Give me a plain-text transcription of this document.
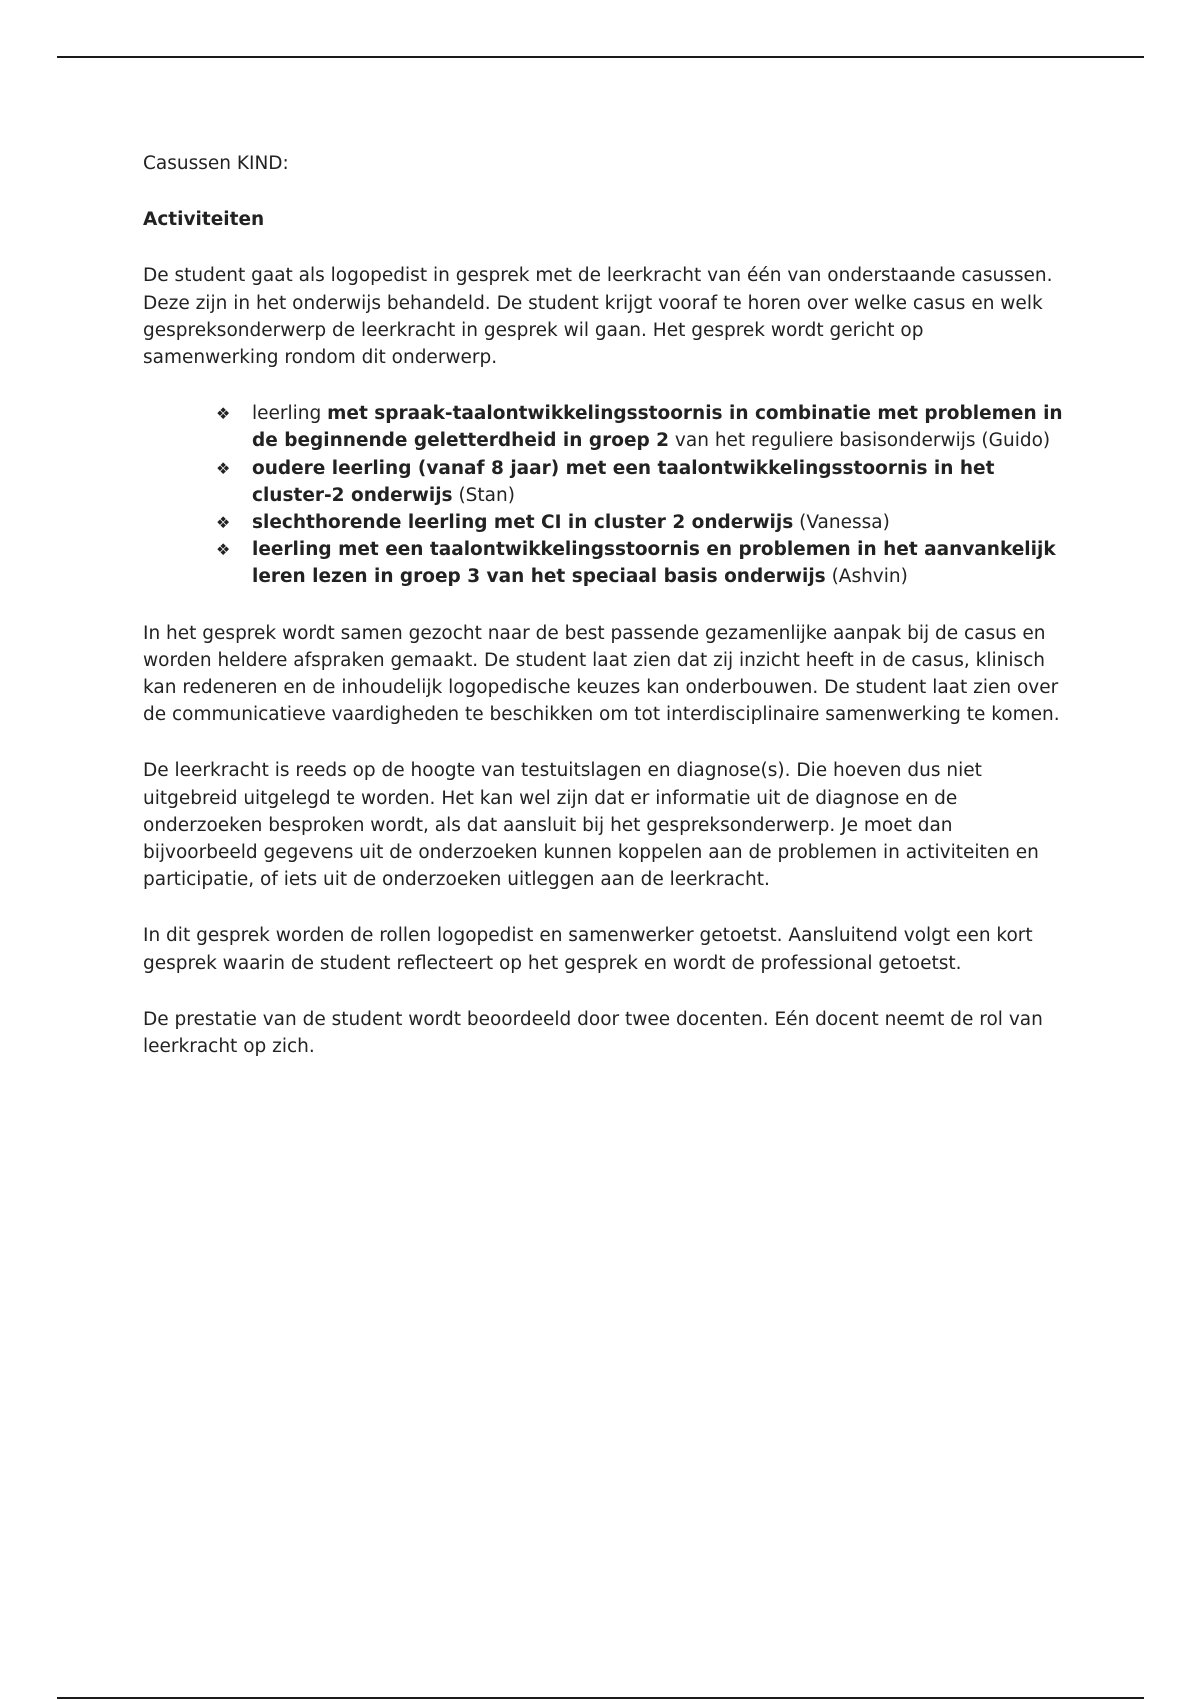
Casussen KIND:

Activiteiten

De student gaat als logopedist in gesprek met de leerkracht van één van onderstaande casussen. Deze zijn in het onderwijs behandeld. De student krijgt vooraf te horen over welke casus en welk gespreksonderwerp de leerkracht in gesprek wil gaan. Het gesprek wordt gericht op samenwerking rondom dit onderwerp.

❖ leerling met spraak-taalontwikkelingsstoornis in combinatie met problemen in de beginnende geletterdheid in groep 2 van het reguliere basisonderwijs (Guido)
❖ oudere leerling (vanaf 8 jaar) met een taalontwikkelingsstoornis in het cluster-2 onderwijs (Stan)
❖ slechthorende leerling met CI in cluster 2 onderwijs (Vanessa)
❖ leerling met een taalontwikkelingsstoornis en problemen in het aanvankelijk leren lezen in groep 3 van het speciaal basis onderwijs (Ashvin)

In het gesprek wordt samen gezocht naar de best passende gezamenlijke aanpak bij de casus en worden heldere afspraken gemaakt. De student laat zien dat zij inzicht heeft in de casus, klinisch kan redeneren en de inhoudelijk logopedische keuzes kan onderbouwen. De student laat zien over de communicatieve vaardigheden te beschikken om tot interdisciplinaire samenwerking te komen.

De leerkracht is reeds op de hoogte van testuitslagen en diagnose(s). Die hoeven dus niet uitgebreid uitgelegd te worden. Het kan wel zijn dat er informatie uit de diagnose en de onderzoeken besproken wordt, als dat aansluit bij het gespreksonderwerp. Je moet dan bijvoorbeeld gegevens uit de onderzoeken kunnen koppelen aan de problemen in activiteiten en participatie, of iets uit de onderzoeken uitleggen aan de leerkracht.

In dit gesprek worden de rollen logopedist en samenwerker getoetst. Aansluitend volgt een kort gesprek waarin de student reflecteert op het gesprek en wordt de professional getoetst.

De prestatie van de student wordt beoordeeld door twee docenten. Eén docent neemt de rol van leerkracht op zich.
